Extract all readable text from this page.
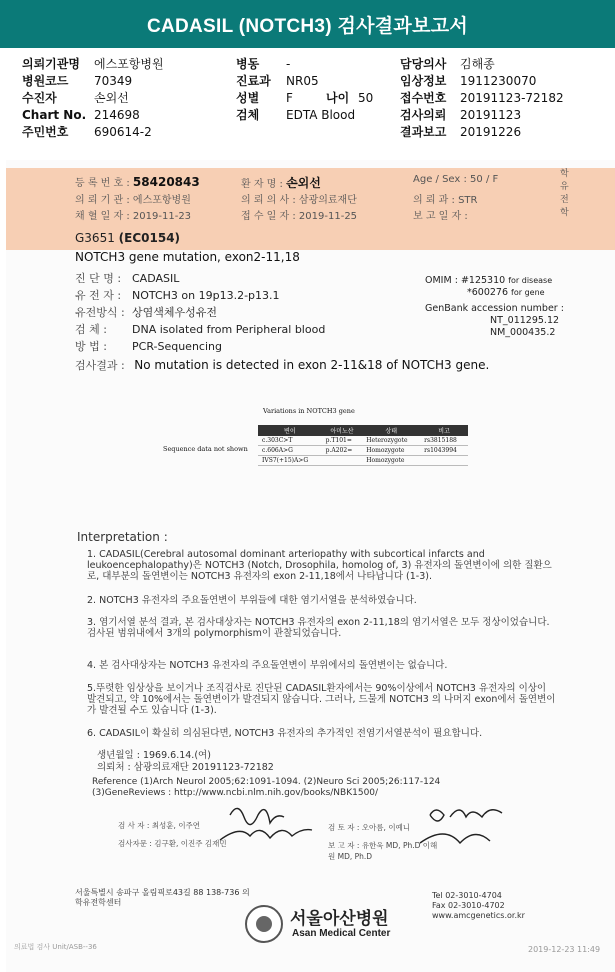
CADASIL (NOTCH3) 검사결과보고서
의뢰기관명 에스포항병원
병원코드 70349
수진자	손외선
Chart No. 214698
주민번호 690614-2
병동 -
진료과 NR05
성별 F	나이 50
검체 EDTA Blood
담당의사 김해종
임상정보 1911230070
접수번호 20191123-72182
검사의뢰 20191123
결과보고 20191226
등 록 번 호 : 58420843	환 자 명 : 손외선	Age / Sex : 50 / F
의 뢰 기 관 : 에스포항병원	의 뢰 의 사 : 삼광의료재단	의 뢰 과 : STR
채 혈 일 자 : 2019-11-23	접 수 일 자 : 2019-11-25	보 고 일 자 :
학유전학
G3651 (EC0154)
NOTCH3 gene mutation, exon2-11,18
진 단 명 : CADASIL
유 전 자 : NOTCH3 on 19p13.2-p13.1
유전방식 : 상염색체우성유전
검 체 : DNA isolated from Peripheral blood
방 법 : PCR-Sequencing
OMIM : #125310 for disease
*600276 for gene
GenBank accession number :
NT_011295.12
NM_000435.2
검사결과 : No mutation is detected in exon 2-11&18 of NOTCH3 gene.
Variations in NOTCH3 gene
Sequence data not shown
변이	아미노산	상태	비고
c.303C>T	p.T101=	Heterozygote	rs3815188
c.606A>G	p.A202=	Homozygote	rs1043994
IVS7(+15)A>G		Homozygote	
Interpretation :
1. CADASIL(Cerebral autosomal dominant arteriopathy with subcortical infarcts and leukoencephalopathy)은 NOTCH3 (Notch, Drosophila, homolog of, 3) 유전자의 돌연변이에 의한 질환으로, 대부분의 돌연변이는 NOTCH3 유전자의 exon 2-11,18에서 나타납니다 (1-3).
2. NOTCH3 유전자의 주요돌연변이 부위들에 대한 염기서열을 분석하였습니다.
3. 염기서열 분석 결과, 본 검사대상자는 NOTCH3 유전자의 exon 2-11,18의 염기서열은 모두 정상이었습니다. 검사된 범위내에서 3개의 polymorphism이 관찰되었습니다.
4. 본 검사대상자는 NOTCH3 유전자의 주요돌연변이 부위에서의 돌연변이는 없습니다.
5.뚜렷한 임상상을 보이거나 조직검사로 진단된 CADASIL환자에서는 90%이상에서 NOTCH3 유전자의 이상이 발견되고, 약 10%에서는 돌연변이가 발견되지 않습니다. 그러나, 드물게 NOTCH3 의 나머지 exon에서 돌연변이가 발견될 수도 있습니다 (1-3).
6. CADASIL이 확실히 의심된다면, NOTCH3 유전자의 추가적인 전염기서열분석이 필요합니다.
생년월일 : 1969.6.14.(여)
의뢰처 : 삼광의료재단 20191123-72182
Reference (1)Arch Neurol 2005;62:1091-1094. (2)Neuro Sci 2005;26:117-124 (3)GeneReviews : http://www.ncbi.nlm.nih.gov/books/NBK1500/
검 사 자 : 최성훈, 이주연
검사자문 : 김구환, 이진주 김재민
검 토 자 : 오아름, 이예니
보 고 자 : 유한욱 MD, Ph.D 이해원 MD, Ph.D
서울특별시 송파구 올림픽로43길 88 138-736 의학유전학센터
Tel 02-3010-4704
Fax 02-3010-4702
www.amcgenetics.or.kr
서울아산병원
Asan Medical Center
의료법 검사 Unit/ASB--36	2019-12-23 11:49
